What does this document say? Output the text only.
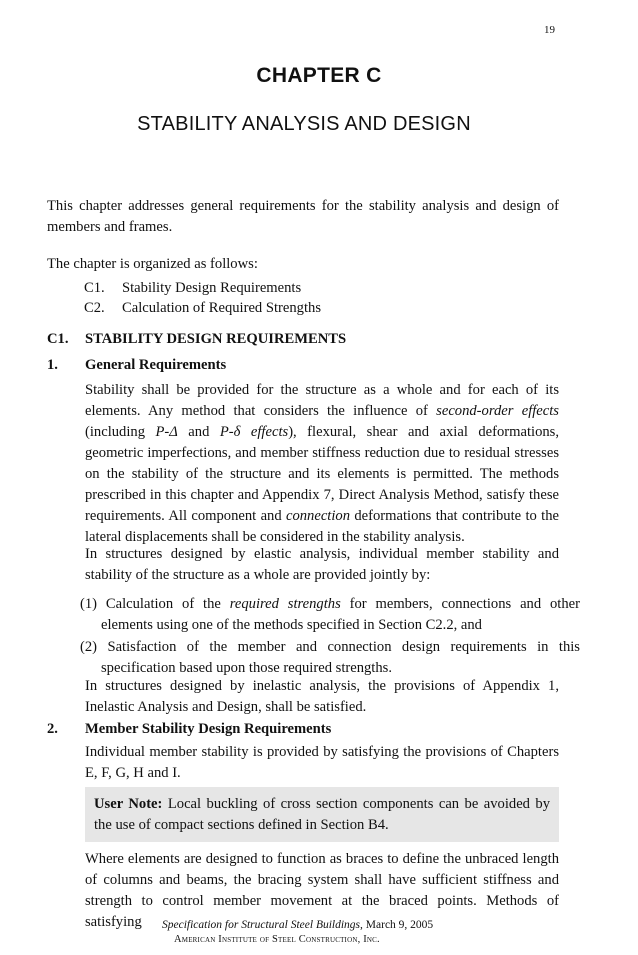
19
CHAPTER C
STABILITY ANALYSIS AND DESIGN
This chapter addresses general requirements for the stability analysis and design of members and frames.
The chapter is organized as follows:
C1. Stability Design Requirements
C2. Calculation of Required Strengths
C1. STABILITY DESIGN REQUIREMENTS
1. General Requirements
Stability shall be provided for the structure as a whole and for each of its elements. Any method that considers the influence of second-order effects (including P-Δ and P-δ effects), flexural, shear and axial deformations, geometric imperfections, and member stiffness reduction due to residual stresses on the stability of the structure and its elements is permitted. The methods prescribed in this chapter and Appendix 7, Direct Analysis Method, satisfy these requirements. All component and connection deformations that contribute to the lateral displacements shall be considered in the stability analysis.
In structures designed by elastic analysis, individual member stability and stability of the structure as a whole are provided jointly by:
(1) Calculation of the required strengths for members, connections and other elements using one of the methods specified in Section C2.2, and
(2) Satisfaction of the member and connection design requirements in this specification based upon those required strengths.
In structures designed by inelastic analysis, the provisions of Appendix 1, Inelastic Analysis and Design, shall be satisfied.
2. Member Stability Design Requirements
Individual member stability is provided by satisfying the provisions of Chapters E, F, G, H and I.
User Note: Local buckling of cross section components can be avoided by the use of compact sections defined in Section B4.
Where elements are designed to function as braces to define the unbraced length of columns and beams, the bracing system shall have sufficient stiffness and strength to control member movement at the braced points. Methods of satisfying	Specification for Structural Steel Buildings, March 9, 2005
American Institute of Steel Construction, Inc.
